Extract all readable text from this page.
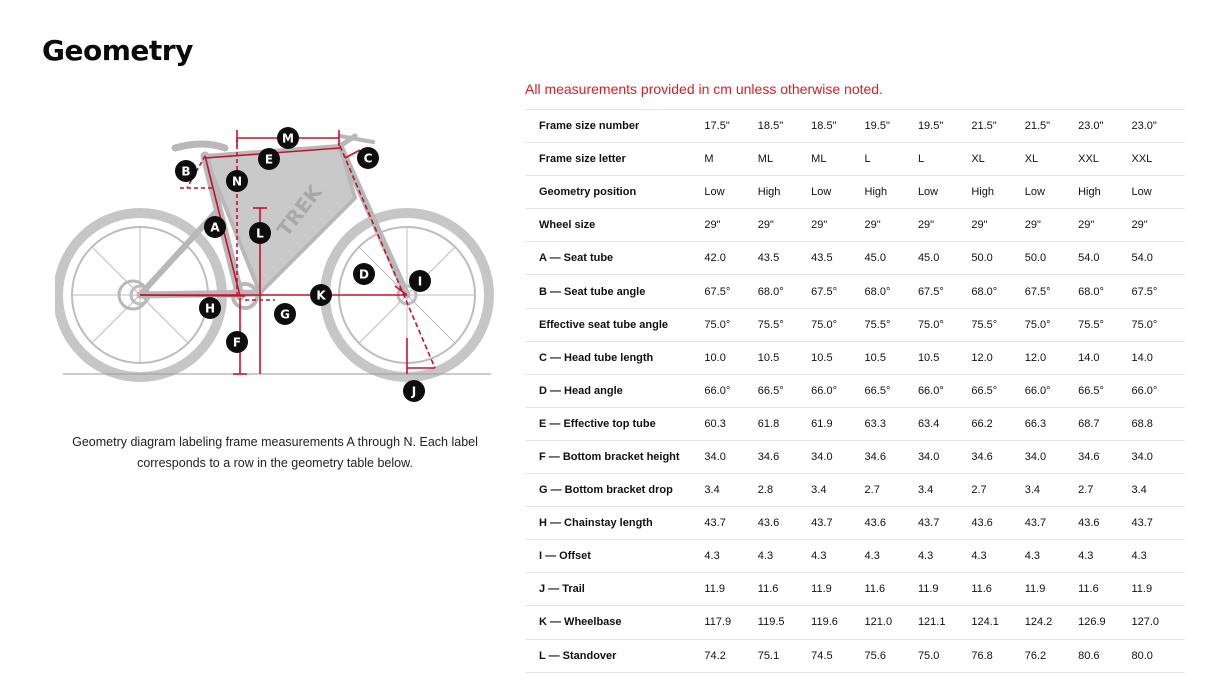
Geometry
TREK
M
E	C
B
N
A	L
D	I
K
H	G
F
J
Geometry diagram labeling frame measurements A through N. Each label corresponds to a row in the geometry table below.
All measurements provided in cm unless otherwise noted.
Frame size number	17.5"	18.5"	18.5"	19.5"	19.5"	21.5"	21.5"	23.0"	23.0"
Frame size letter	M	ML	ML	L	L	XL	XL	XXL	XXL
Geometry position	Low	High	Low	High	Low	High	Low	High	Low
Wheel size	29"	29"	29"	29"	29"	29"	29"	29"	29"
A — Seat tube	42.0	43.5	43.5	45.0	45.0	50.0	50.0	54.0	54.0
B — Seat tube angle	67.5°	68.0°	67.5°	68.0°	67.5°	68.0°	67.5°	68.0°	67.5°
Effective seat tube angle	75.0°	75.5°	75.0°	75.5°	75.0°	75.5°	75.0°	75.5°	75.0°
C — Head tube length	10.0	10.5	10.5	10.5	10.5	12.0	12.0	14.0	14.0
D — Head angle	66.0°	66.5°	66.0°	66.5°	66.0°	66.5°	66.0°	66.5°	66.0°
E — Effective top tube	60.3	61.8	61.9	63.3	63.4	66.2	66.3	68.7	68.8
F — Bottom bracket height	34.0	34.6	34.0	34.6	34.0	34.6	34.0	34.6	34.0
G — Bottom bracket drop	3.4	2.8	3.4	2.7	3.4	2.7	3.4	2.7	3.4
H — Chainstay length	43.7	43.6	43.7	43.6	43.7	43.6	43.7	43.6	43.7
I — Offset	4.3	4.3	4.3	4.3	4.3	4.3	4.3	4.3	4.3
J — Trail	11.9	11.6	11.9	11.6	11.9	11.6	11.9	11.6	11.9
K — Wheelbase	117.9	119.5	119.6	121.0	121.1	124.1	124.2	126.9	127.0
L — Standover	74.2	75.1	74.5	75.6	75.0	76.8	76.2	80.6	80.0
